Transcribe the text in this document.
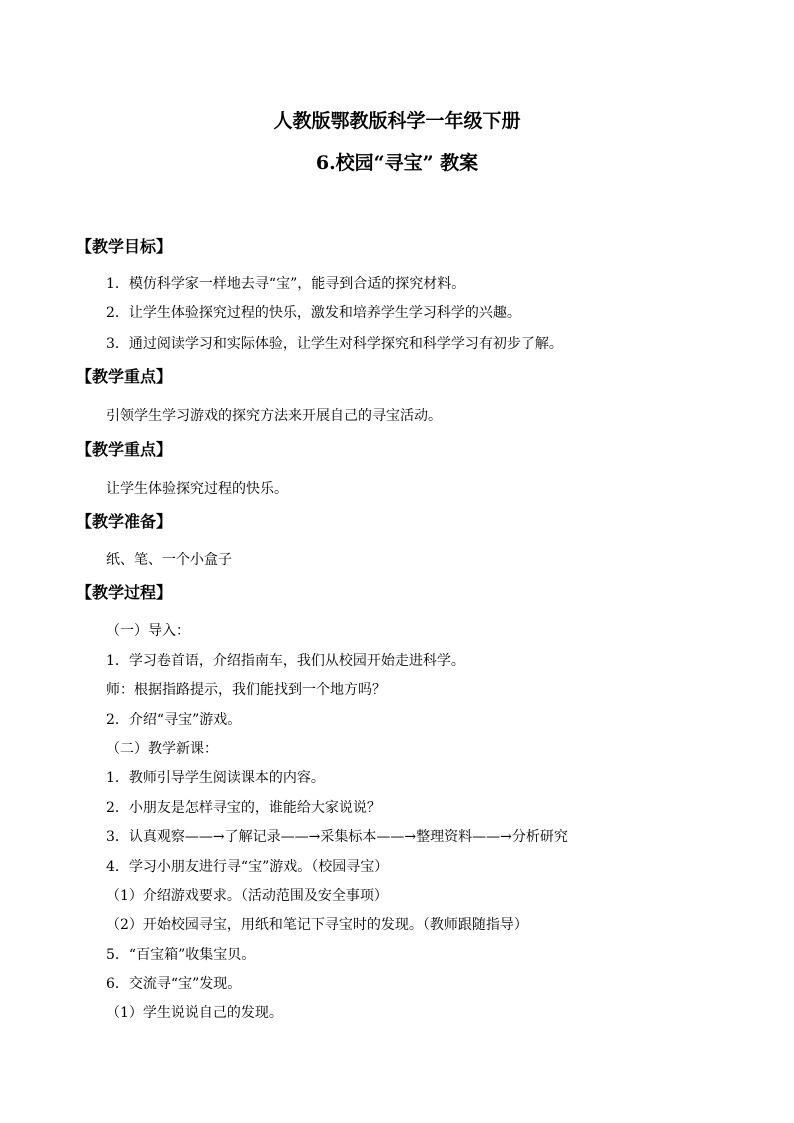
人教版鄂教版科学一年级下册
6.校园“寻宝” 教案
【教学目标】
1．模仿科学家一样地去寻“宝”，能寻到合适的探究材料。
2．让学生体验探究过程的快乐，激发和培养学生学习科学的兴趣。
3．通过阅读学习和实际体验，让学生对科学探究和科学学习有初步了解。
【教学重点】
引领学生学习游戏的探究方法来开展自己的寻宝活动。
【教学重点】
让学生体验探究过程的快乐。
【教学准备】
纸、笔、一个小盒子
【教学过程】
（一）导入：
1．学习卷首语，介绍指南车，我们从校园开始走进科学。
师：根据指路提示，我们能找到一个地方吗？
2．介绍“寻宝”游戏。
（二）教学新课：
1．教师引导学生阅读课本的内容。
2．小朋友是怎样寻宝的，谁能给大家说说？
3．认真观察——→了解记录——→采集标本——→整理资料——→分析研究
4．学习小朋友进行寻“宝”游戏。（校园寻宝）
（1）介绍游戏要求。（活动范围及安全事项）
（2）开始校园寻宝，用纸和笔记下寻宝时的发现。（教师跟随指导）
5．“百宝箱”收集宝贝。
6．交流寻“宝”发现。
（1）学生说说自己的发现。
